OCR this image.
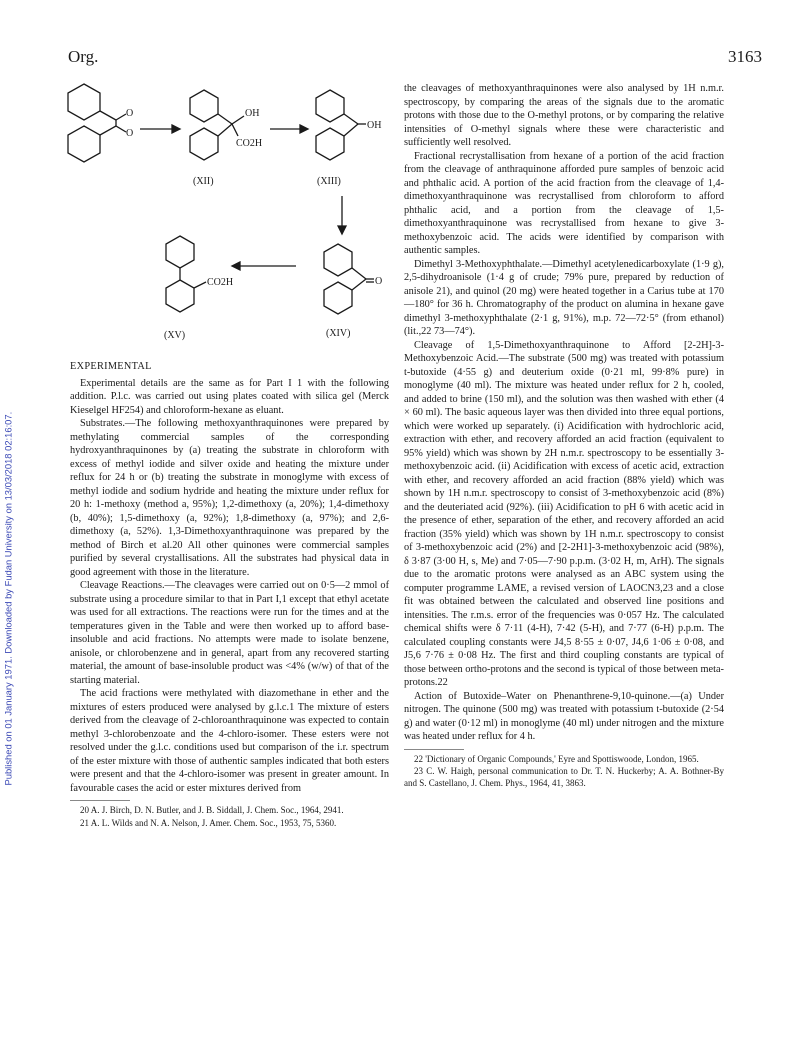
Org.	3163
Published on 01 January 1971. Downloaded by Fudan University on 13/03/2018 02:16:07.
O
O
OH
CO2H
OH
O
CO2H
(XII)	(XIII)
(XIV)
(XV)
EXPERIMENTAL

Experimental details are the same as for Part I 1 with the following addition. P.l.c. was carried out using plates coated with silica gel (Merck Kieselgel HF254) and chloroform-hexane as eluant.

Substrates.—The following methoxyanthraquinones were prepared by methylating commercial samples of the corresponding hydroxyanthraquinones by (a) treating the substrate in chloroform with excess of methyl iodide and silver oxide and heating the mixture under reflux for 24 h or (b) treating the substrate in monoglyme with excess of methyl iodide and sodium hydride and heating the mixture under reflux for 20 h: 1-methoxy (method a, 95%); 1,2-dimethoxy (a, 20%); 1,4-dimethoxy (b, 40%); 1,5-dimethoxy (a, 92%); 1,8-dimethoxy (a, 97%); and 2,6-dimethoxy (a, 52%). 1,3-Dimethoxyanthraquinone was prepared by the method of Birch et al.20 All other quinones were commercial samples purified by several crystallisations. All the substrates had physical data in good agreement with those in the literature.

Cleavage Reactions.—The cleavages were carried out on 0·5—2 mmol of substrate using a procedure similar to that in Part I,1 except that ethyl acetate was used for all extractions. The reactions were run for the times and at the temperatures given in the Table and were then worked up to afford base-insoluble and acid fractions. No attempts were made to isolate benzene, anisole, or chlorobenzene and in general, apart from any recovered starting material, the amount of base-insoluble product was <4% (w/w) of that of the starting material.

The acid fractions were methylated with diazomethane in ether and the mixtures of esters produced were analysed by g.l.c.1 The mixture of esters derived from the cleavage of 2-chloroanthraquinone was expected to contain methyl 3-chlorobenzoate and the 4-chloro-isomer. These esters were not resolved under the g.l.c. conditions used but comparison of the i.r. spectrum of the ester mixture with those of authentic samples indicated that both esters were present and that the 4-chloro-isomer was present in greater amount. In favourable cases the acid or ester mixtures derived from

20 A. J. Birch, D. N. Butler, and J. B. Siddall, J. Chem. Soc., 1964, 2941.

21 A. L. Wilds and N. A. Nelson, J. Amer. Chem. Soc., 1953, 75, 5360.

the cleavages of methoxyanthraquinones were also analysed by 1H n.m.r. spectroscopy, by comparing the areas of the signals due to the aromatic protons with those due to the O-methyl protons, or by comparing the relative intensities of O-methyl signals where these were characteristic and sufficiently well resolved.

Fractional recrystallisation from hexane of a portion of the acid fraction from the cleavage of anthraquinone afforded pure samples of benzoic acid and phthalic acid. A portion of the acid fraction from the cleavage of 1,4-dimethoxyanthraquinone was recrystallised from chloroform to afford phthalic acid, and a portion from the cleavage of 1,5-dimethoxyanthraquinone was recrystallised from hexane to give 3-methoxybenzoic acid. The acids were identified by comparison with authentic samples.

Dimethyl 3-Methoxyphthalate.—Dimethyl acetylenedicarboxylate (1·9 g), 2,5-dihydroanisole (1·4 g of crude; 79% pure, prepared by reduction of anisole 21), and quinol (20 mg) were heated together in a Carius tube at 170—180° for 36 h. Chromatography of the product on alumina in hexane gave dimethyl 3-methoxyphthalate (2·1 g, 91%), m.p. 72—72·5° (from ethanol) (lit.,22 73—74°).

Cleavage of 1,5-Dimethoxyanthraquinone to Afford [2-2H]-3-Methoxybenzoic Acid.—The substrate (500 mg) was treated with potassium t-butoxide (4·55 g) and deuterium oxide (0·21 ml, 99·8% pure) in monoglyme (40 ml). The mixture was heated under reflux for 2 h, cooled, and added to brine (150 ml), and the solution was then washed with ether (4 × 60 ml). The basic aqueous layer was then divided into three equal portions, which were worked up separately. (i) Acidification with hydrochloric acid, extraction with ether, and recovery afforded an acid fraction (equivalent to 95% yield) which was shown by 2H n.m.r. spectroscopy to be essentially 3-methoxybenzoic acid. (ii) Acidification with excess of acetic acid, extraction with ether, and recovery afforded an acid fraction (88% yield) which was shown by 1H n.m.r. spectroscopy to consist of 3-methoxybenzoic acid (8%) and the deuteriated acid (92%). (iii) Acidification to pH 6 with acetic acid in the presence of ether, separation of the ether, and recovery afforded an acid fraction (35% yield) which was shown by 1H n.m.r. spectroscopy to consist of 3-methoxybenzoic acid (2%) and [2-2H1]-3-methoxybenzoic acid (98%), δ 3·87 (3·00 H, s, Me) and 7·05—7·90 p.p.m. (3·02 H, m, ArH). The signals due to the aromatic protons were analysed as an ABC system using the computer programme LAME, a revised version of LAOCN3,23 and a close fit was obtained between the calculated and observed line positions and intensities. The r.m.s. error of the frequencies was 0·057 Hz. The calculated chemical shifts were δ 7·11 (4-H), 7·42 (5-H), and 7·77 (6-H) p.p.m. The calculated coupling constants were J4,5 8·55 ± 0·07, J4,6 1·06 ± 0·08, and J5,6 7·76 ± 0·08 Hz. The first and third coupling constants are typical of those between ortho-protons and the second is typical of those between meta-protons.22

Action of Butoxide–Water on Phenanthrene-9,10-quinone.—(a) Under nitrogen. The quinone (500 mg) was treated with potassium t-butoxide (2·54 g) and water (0·12 ml) in monoglyme (40 ml) under nitrogen and the mixture was heated under reflux for 4 h.

22 'Dictionary of Organic Compounds,' Eyre and Spottiswoode, London, 1965.

23 C. W. Haigh, personal communication to Dr. T. N. Huckerby; A. A. Bothner-By and S. Castellano, J. Chem. Phys., 1964, 41, 3863.
